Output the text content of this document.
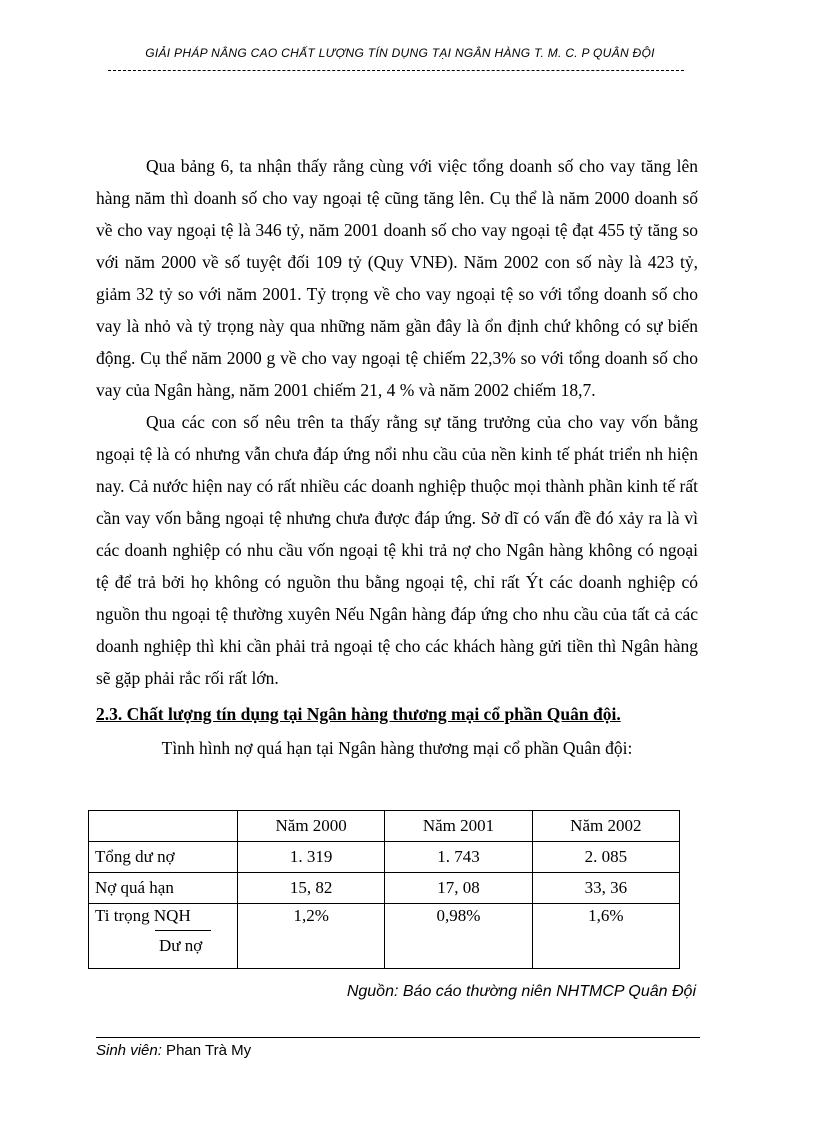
GIẢI PHÁP NÂNG CAO CHẤT LƯỢNG TÍN DỤNG TẠI NGÂN HÀNG T. M. C. P QUÂN ĐỘI

Qua bảng 6, ta nhận thấy rằng cùng với việc tổng doanh số cho vay tăng lên hàng năm thì doanh số cho vay ngoại tệ cũng tăng lên. Cụ thể là năm 2000 doanh số về cho vay ngoại tệ là 346 tỷ, năm 2001 doanh số cho vay ngoại tệ đạt 455 tỷ tăng so với năm 2000 về số tuyệt đối 109 tỷ (Quy VNĐ). Năm 2002 con số này là 423 tỷ, giảm 32 tỷ so với năm 2001. Tỷ trọng về cho vay ngoại tệ so với tổng doanh số cho vay là nhỏ và tỷ trọng này qua những năm gần đây là ổn định chứ không có sự biến động. Cụ thể năm 2000 g về cho vay ngoại tệ chiếm 22,3% so với tổng doanh số cho vay của Ngân hàng, năm 2001 chiếm 21, 4 % và năm 2002 chiếm 18,7.

Qua các con số nêu trên ta thấy rằng sự tăng trưởng của cho vay vốn bằng ngoại tệ là có nhưng vẫn chưa đáp ứng nổi nhu cầu của nền kinh tế phát triển nh hiện nay. Cả nước hiện nay có rất nhiều các doanh nghiệp thuộc mọi thành phần kinh tế rất cần vay vốn bằng ngoại tệ nhưng chưa được đáp ứng. Sở dĩ có vấn đề đó xảy ra là vì các doanh nghiệp có nhu cầu vốn ngoại tệ khi trả nợ cho Ngân hàng không có ngoại tệ để trả bởi họ không có nguồn thu bằng ngoại tệ, chỉ rất Ýt các doanh nghiệp có nguồn thu ngoại tệ thường xuyên Nếu Ngân hàng đáp ứng cho nhu cầu của tất cả các doanh nghiệp thì khi cần phải trả ngoại tệ cho các khách hàng gửi tiền thì Ngân hàng sẽ gặp phải rắc rối rất lớn.

2.3. Chất lượng tín dụng tại Ngân hàng thương mại cổ phần Quân đội.
Tình hình nợ quá hạn tại Ngân hàng thương mại cổ phần Quân đội:
	Năm 2000	Năm 2001	Năm 2002
Tổng dư nợ	1. 319	1. 743	2. 085
Nợ quá hạn	15, 82	17, 08	33, 36
Ti trọng NQH
Dư nợ	1,2%	0,98%	1,6%
Nguồn: Báo cáo thường niên NHTMCP Quân Đội
Sinh viên: Phan Trà My
